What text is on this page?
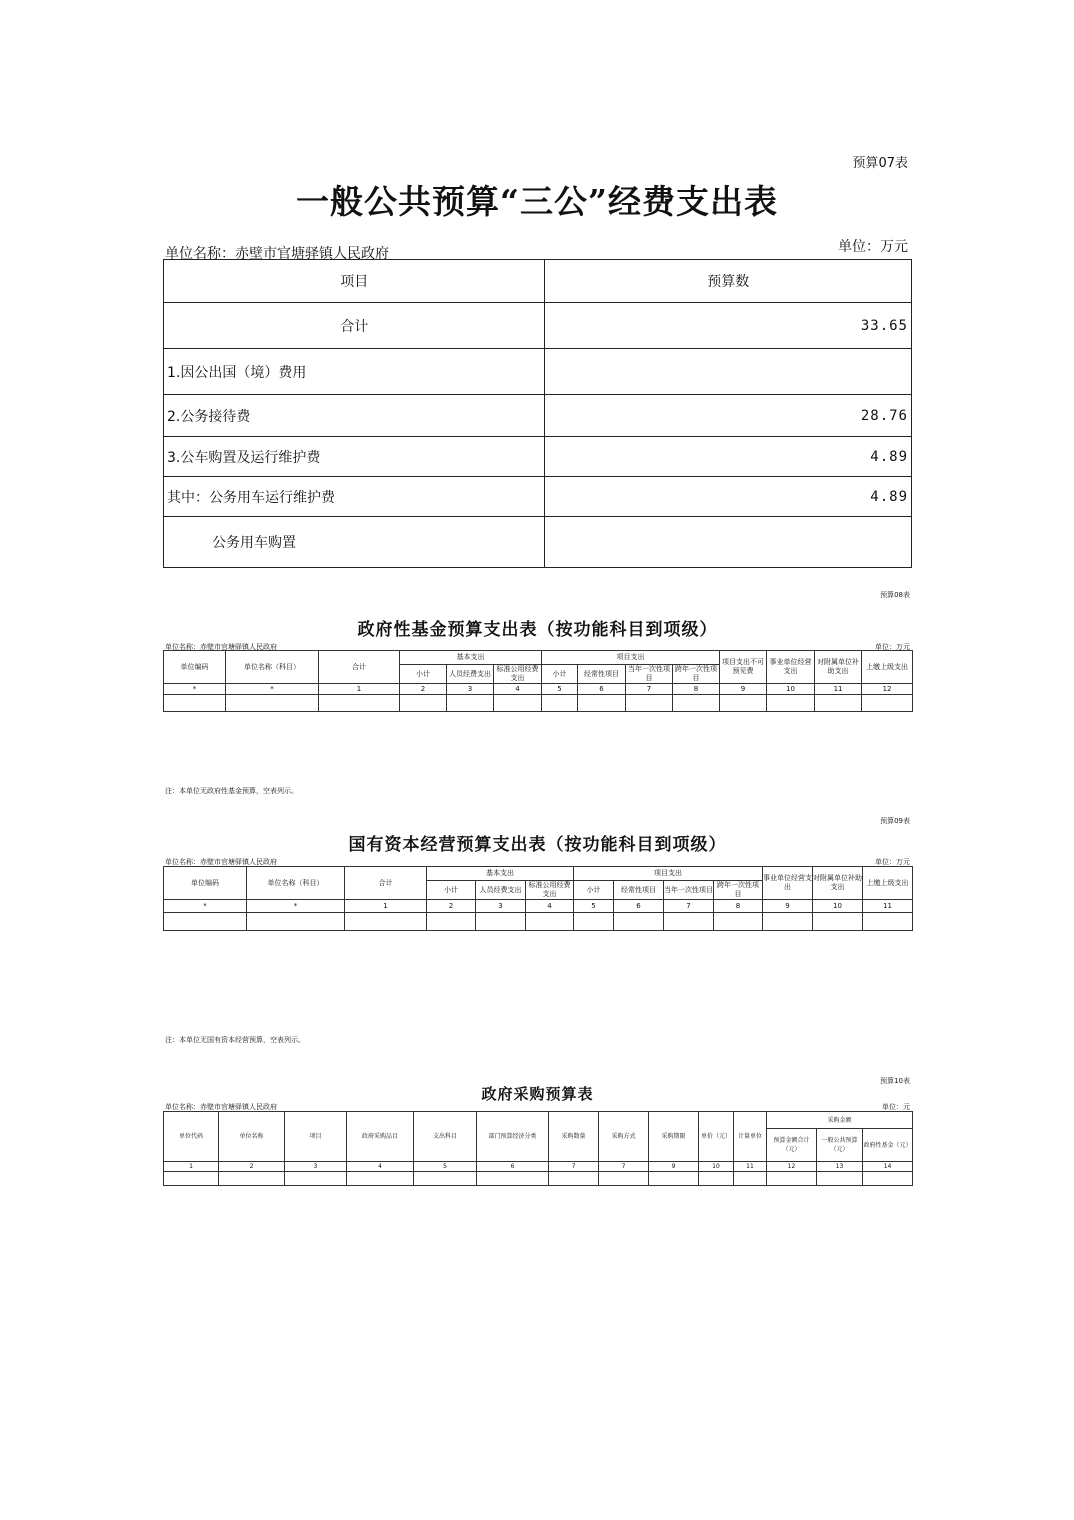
预算07表
一般公共预算“三公”经费支出表
单位名称：赤壁市官塘驿镇人民政府	单位：万元
项目	预算数
合计	33.65
1.因公出国（境）费用	
2.公务接待费	28.76
3.公车购置及运行维护费	4.89
其中：公务用车运行维护费	4.89
公务用车购置	
预算08表
政府性基金预算支出表（按功能科目到项级）
单位名称：赤壁市官塘驿镇人民政府	单位：万元
单位编码	单位名称（科目）	合计	基本支出			项目支出				项目支出不可预见费	事业单位经营支出	对附属单位补助支出	上缴上级支出
			小计	人员经费支出	标准公用经费支出	小计	经常性项目	当年一次性项目	跨年一次性项目				
*	*	1	2	3	4	5	6	7	8	9	10	11	12

注：本单位无政府性基金预算，空表列示。
预算09表
国有资本经营预算支出表（按功能科目到项级）
单位名称：赤壁市官塘驿镇人民政府	单位：万元
单位编码	单位名称（科目）	合计	基本支出			项目支出				事业单位经营支出	对附属单位补助支出	上缴上级支出
			小计	人员经费支出	标准公用经费支出	小计	经常性项目	当年一次性项目	跨年一次性项目			
*	*	1	2	3	4	5	6	7	8	9	10	11

注：本单位无国有资本经营预算，空表列示。
预算10表
政府采购预算表
单位名称：赤壁市官塘驿镇人民政府	单位：元
单位代码	单位名称	项目	政府采购品目	支出科目	部门预算经济分类	采购数量	采购方式	采购期限	单价（元）	计量单位	采购金额		
											预算金额合计（元）	一般公共预算（元）	政府性基金（元）
1	2	3	4	5	6	7	7	9	10	11	12	13	14
